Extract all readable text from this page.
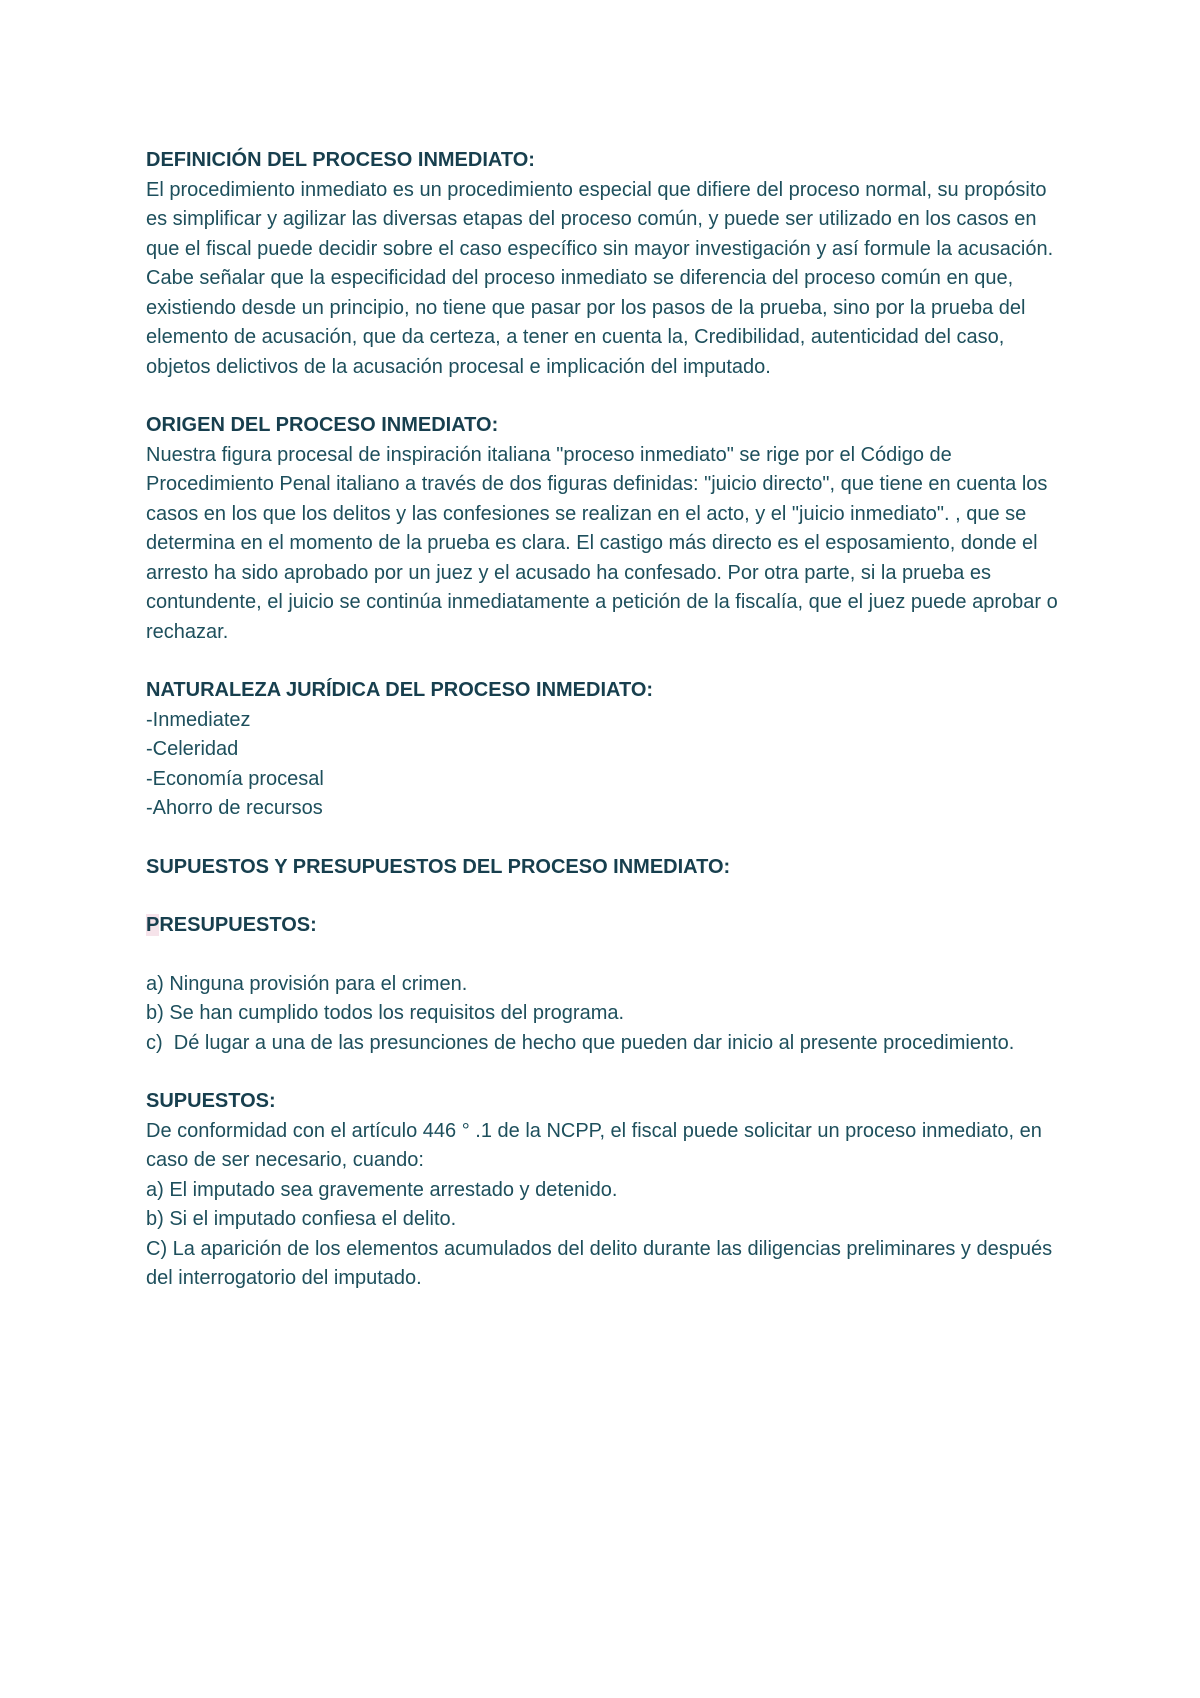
DEFINICIÓN DEL PROCESO INMEDIATO:
El procedimiento inmediato es un procedimiento especial que difiere del proceso normal, su propósito es simplificar y agilizar las diversas etapas del proceso común, y puede ser utilizado en los casos en que el fiscal puede decidir sobre el caso específico sin mayor investigación y así formule la acusación.
Cabe señalar que la especificidad del proceso inmediato se diferencia del proceso común en que, existiendo desde un principio, no tiene que pasar por los pasos de la prueba, sino por la prueba del elemento de acusación, que da certeza, a tener en cuenta la, Credibilidad, autenticidad del caso, objetos delictivos de la acusación procesal e implicación del imputado.
ORIGEN DEL PROCESO INMEDIATO:
Nuestra figura procesal de inspiración italiana "proceso inmediato" se rige por el Código de Procedimiento Penal italiano a través de dos figuras definidas: "juicio directo", que tiene en cuenta los casos en los que los delitos y las confesiones se realizan en el acto, y el "juicio inmediato". , que se determina en el momento de la prueba es clara. El castigo más directo es el esposamiento, donde el arresto ha sido aprobado por un juez y el acusado ha confesado. Por otra parte, si la prueba es contundente, el juicio se continúa inmediatamente a petición de la fiscalía, que el juez puede aprobar o rechazar.
NATURALEZA JURÍDICA DEL PROCESO INMEDIATO:
-Inmediatez
-Celeridad
-Economía procesal
-Ahorro de recursos
SUPUESTOS Y PRESUPUESTOS DEL PROCESO INMEDIATO:
PRESUPUESTOS:
a) Ninguna provisión para el crimen.
b) Se han cumplido todos los requisitos del programa.
c)  Dé lugar a una de las presunciones de hecho que pueden dar inicio al presente procedimiento.
SUPUESTOS:
De conformidad con el artículo 446 ° .1 de la NCPP, el fiscal puede solicitar un proceso inmediato, en caso de ser necesario, cuando:
a) El imputado sea gravemente arrestado y detenido.
b) Si el imputado confiesa el delito.
C) La aparición de los elementos acumulados del delito durante las diligencias preliminares y después del interrogatorio del imputado.
